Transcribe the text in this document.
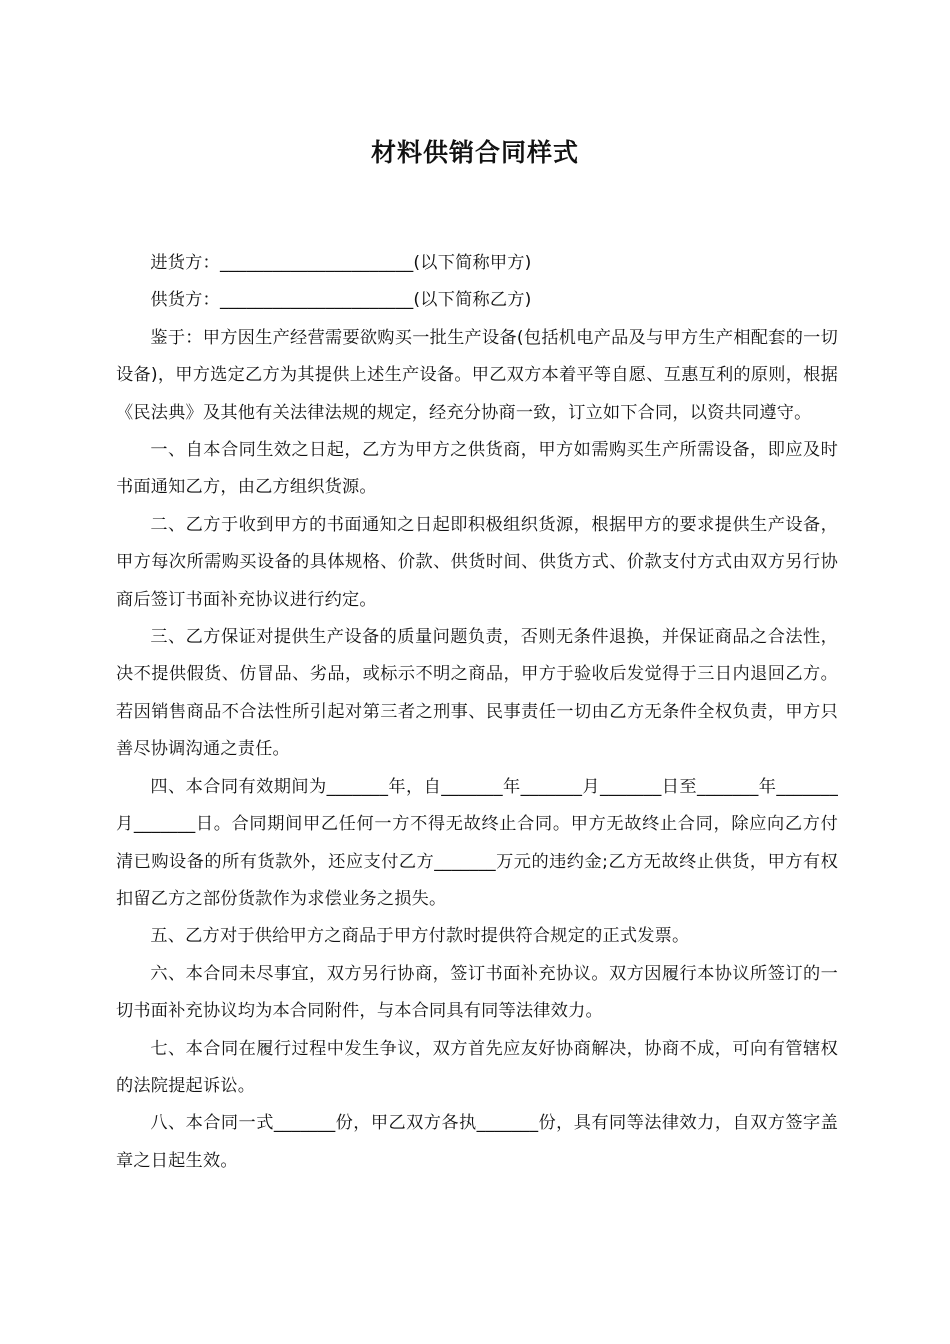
材料供销合同样式

进货方：______________________(以下简称甲方)

供货方：______________________(以下简称乙方)

鉴于：甲方因生产经营需要欲购买一批生产设备(包括机电产品及与甲方生产相配套的一切设备)，甲方选定乙方为其提供上述生产设备。甲乙双方本着平等自愿、互惠互利的原则，根据《民法典》及其他有关法律法规的规定，经充分协商一致，订立如下合同，以资共同遵守。

一、自本合同生效之日起，乙方为甲方之供货商，甲方如需购买生产所需设备，即应及时书面通知乙方，由乙方组织货源。

二、乙方于收到甲方的书面通知之日起即积极组织货源，根据甲方的要求提供生产设备，甲方每次所需购买设备的具体规格、价款、供货时间、供货方式、价款支付方式由双方另行协商后签订书面补充协议进行约定。

三、乙方保证对提供生产设备的质量问题负责，否则无条件退换，并保证商品之合法性，决不提供假货、仿冒品、劣品，或标示不明之商品，甲方于验收后发觉得于三日内退回乙方。若因销售商品不合法性所引起对第三者之刑事、民事责任一切由乙方无条件全权负责，甲方只善尽协调沟通之责任。

四、本合同有效期间为_______年，自_______年_______月_______日至_______年_______月_______日。合同期间甲乙任何一方不得无故终止合同。甲方无故终止合同，除应向乙方付清已购设备的所有货款外，还应支付乙方_______万元的违约金;乙方无故终止供货，甲方有权扣留乙方之部份货款作为求偿业务之损失。

五、乙方对于供给甲方之商品于甲方付款时提供符合规定的正式发票。

六、本合同未尽事宜，双方另行协商，签订书面补充协议。双方因履行本协议所签订的一切书面补充协议均为本合同附件，与本合同具有同等法律效力。

七、本合同在履行过程中发生争议，双方首先应友好协商解决，协商不成，可向有管辖权的法院提起诉讼。

八、本合同一式_______份，甲乙双方各执_______份，具有同等法律效力，自双方签字盖章之日起生效。
